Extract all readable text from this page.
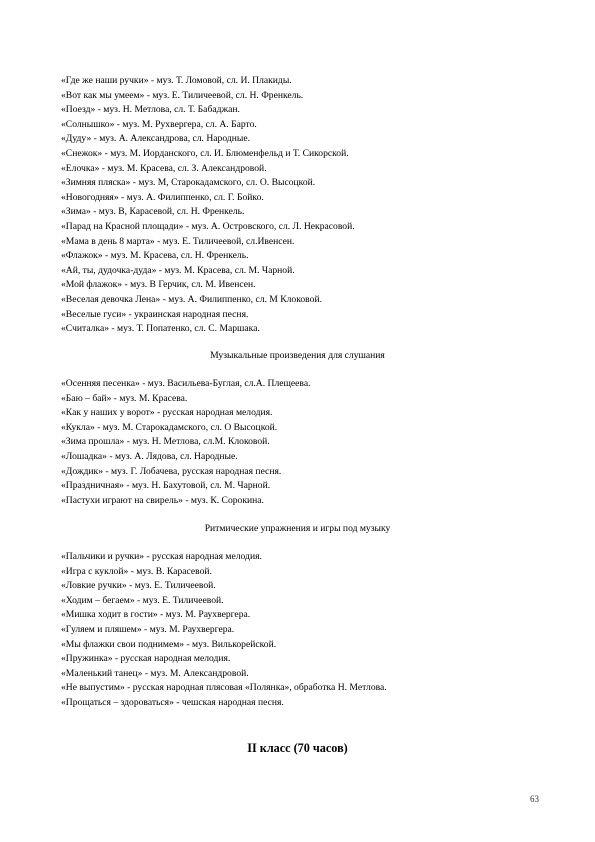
«Где же наши ручки» - муз. Т. Ломовой, сл. И. Плакиды.
«Вот как мы умеем» - муз. Е. Тиличеевой, сл. Н. Френкель.
«Поезд» - муз. Н. Метлова, сл. Т. Бабаджан.
«Солнышко» - муз. М. Рухвергера, сл. А. Барто.
«Дуду» - муз. А. Александрова, сл. Народные.
«Снежок» - муз. М. Иорданского, сл. И. Блюменфельд и Т. Сикорской.
«Елочка» - муз. М. Красева, сл. З. Александровой.
«Зимняя пляска» - муз. М, Старокадамского, сл. О. Высоцкой.
«Новогодняя» - муз. А. Филиппенко, сл. Г. Бойко.
«Зима» - муз. В, Карасевой, сл. Н. Френкель.
«Парад на Красной площади» - муз. А. Островского, сл. Л. Некрасовой.
«Мама в день 8 марта» - муз. Е. Тиличеевой, сл.Ивенсен.
«Флажок» - муз. М. Красева, сл. Н. Френкель.
«Ай, ты, дудочка-дуда» - муз. М. Красева, сл. М. Чарной.
«Мой флажок» - муз. В Герчик, сл. М. Ивенсен.
«Веселая девочка Лена» - муз. А. Филиппенко, сл. М Клоковой.
«Веселые гуси» - украинская народная песня.
«Считалка» - муз. Т. Попатенко, сл. С. Маршака.
Музыкальные произведения для слушания
«Осенняя песенка» - муз. Васильева-Буглая, сл.А. Плещеева.
«Баю – бай» - муз. М. Красева.
«Как у наших у ворот» - русская народная мелодия.
«Кукла» - муз. М. Старокадамского, сл. О Высоцкой.
«Зима прошла» - муз. Н. Метлова, сл.М. Клоковой.
«Лошадка» - муз. А. Лядова, сл. Народные.
«Дождик» - муз. Г. Лобачева, русская народная песня.
«Праздничная» - муз. Н. Бахутовой, сл. М. Чарной.
«Пастухи играют на свирель» - муз. К. Сорокина.
Ритмические упражнения и игры под музыку
«Пальчики и ручки» - русская народная мелодия.
«Игра с куклой» - муз. В. Карасевой.
«Ловкие ручки» - муз. Е. Тиличеевой.
«Ходим – бегаем» - муз. Е. Тиличеевой.
«Мишка ходит в гости» - муз. М. Раухвергера.
«Гуляем и пляшем» - муз. М. Раухвергера.
«Мы флажки свои поднимем» - муз. Вилькорейской.
«Пружинка» - русская народная мелодия.
«Маленький танец» - муз. М. Александровой.
«Не выпустим» - русская народная плясовая «Полянка», обработка Н. Метлова.
«Прощаться – здороваться» - чешская народная песня.
II класс (70 часов)
63
